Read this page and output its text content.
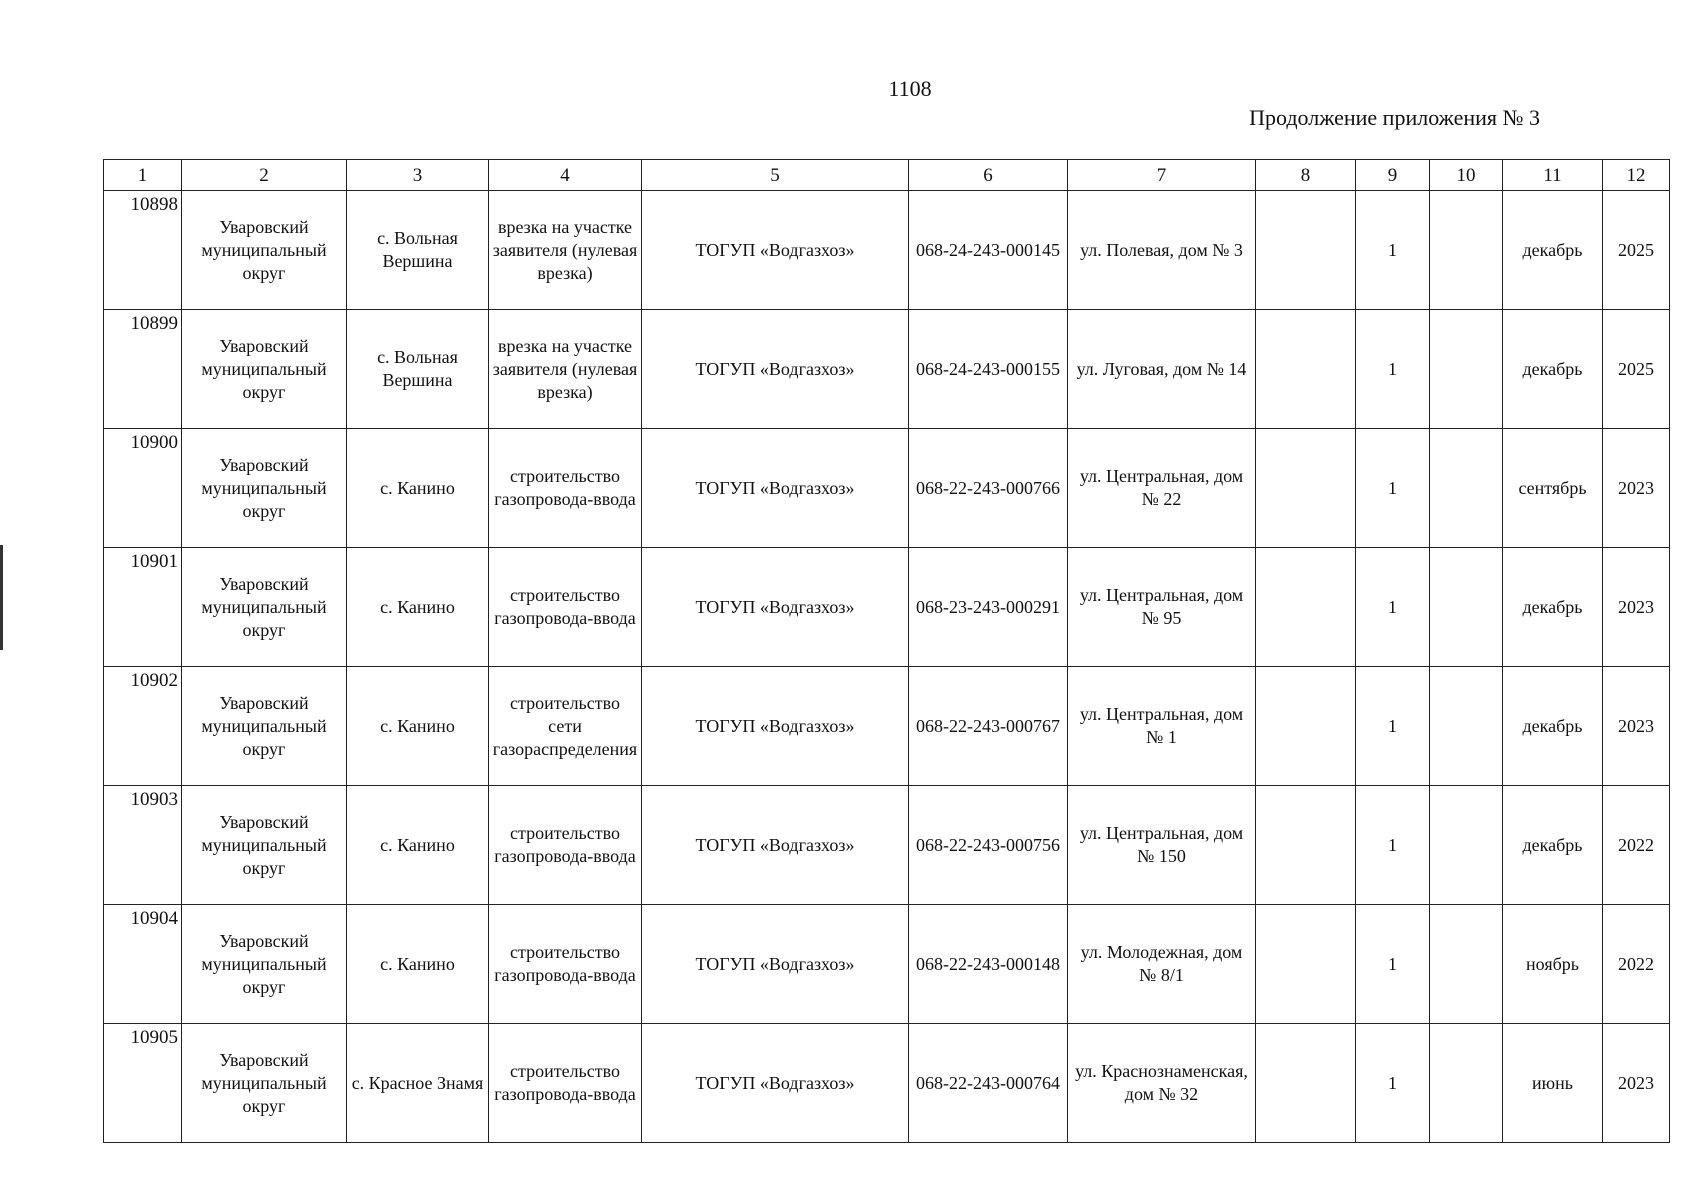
1108
Продолжение приложения № 3
1	2	3	4	5	6	7	8	9	10	11	12
10898	Уваровский муниципальный округ	с. Вольная Вершина	врезка на участке заявителя (нулевая врезка)	ТОГУП «Водгазхоз»	068-24-243-000145	ул. Полевая, дом № 3		1		декабрь	2025
10899	Уваровский муниципальный округ	с. Вольная Вершина	врезка на участке заявителя (нулевая врезка)	ТОГУП «Водгазхоз»	068-24-243-000155	ул. Луговая, дом № 14		1		декабрь	2025
10900	Уваровский муниципальный округ	с. Канино	строительство газопровода-ввода	ТОГУП «Водгазхоз»	068-22-243-000766	ул. Центральная, дом № 22		1		сентябрь	2023
10901	Уваровский муниципальный округ	с. Канино	строительство газопровода-ввода	ТОГУП «Водгазхоз»	068-23-243-000291	ул. Центральная, дом № 95		1		декабрь	2023
10902	Уваровский муниципальный округ	с. Канино	строительство сети газораспределения	ТОГУП «Водгазхоз»	068-22-243-000767	ул. Центральная, дом № 1		1		декабрь	2023
10903	Уваровский муниципальный округ	с. Канино	строительство газопровода-ввода	ТОГУП «Водгазхоз»	068-22-243-000756	ул. Центральная, дом № 150		1		декабрь	2022
10904	Уваровский муниципальный округ	с. Канино	строительство газопровода-ввода	ТОГУП «Водгазхоз»	068-22-243-000148	ул. Молодежная, дом № 8/1		1		ноябрь	2022
10905	Уваровский муниципальный округ	с. Красное Знамя	строительство газопровода-ввода	ТОГУП «Водгазхоз»	068-22-243-000764	ул. Краснознаменская, дом № 32		1		июнь	2023
